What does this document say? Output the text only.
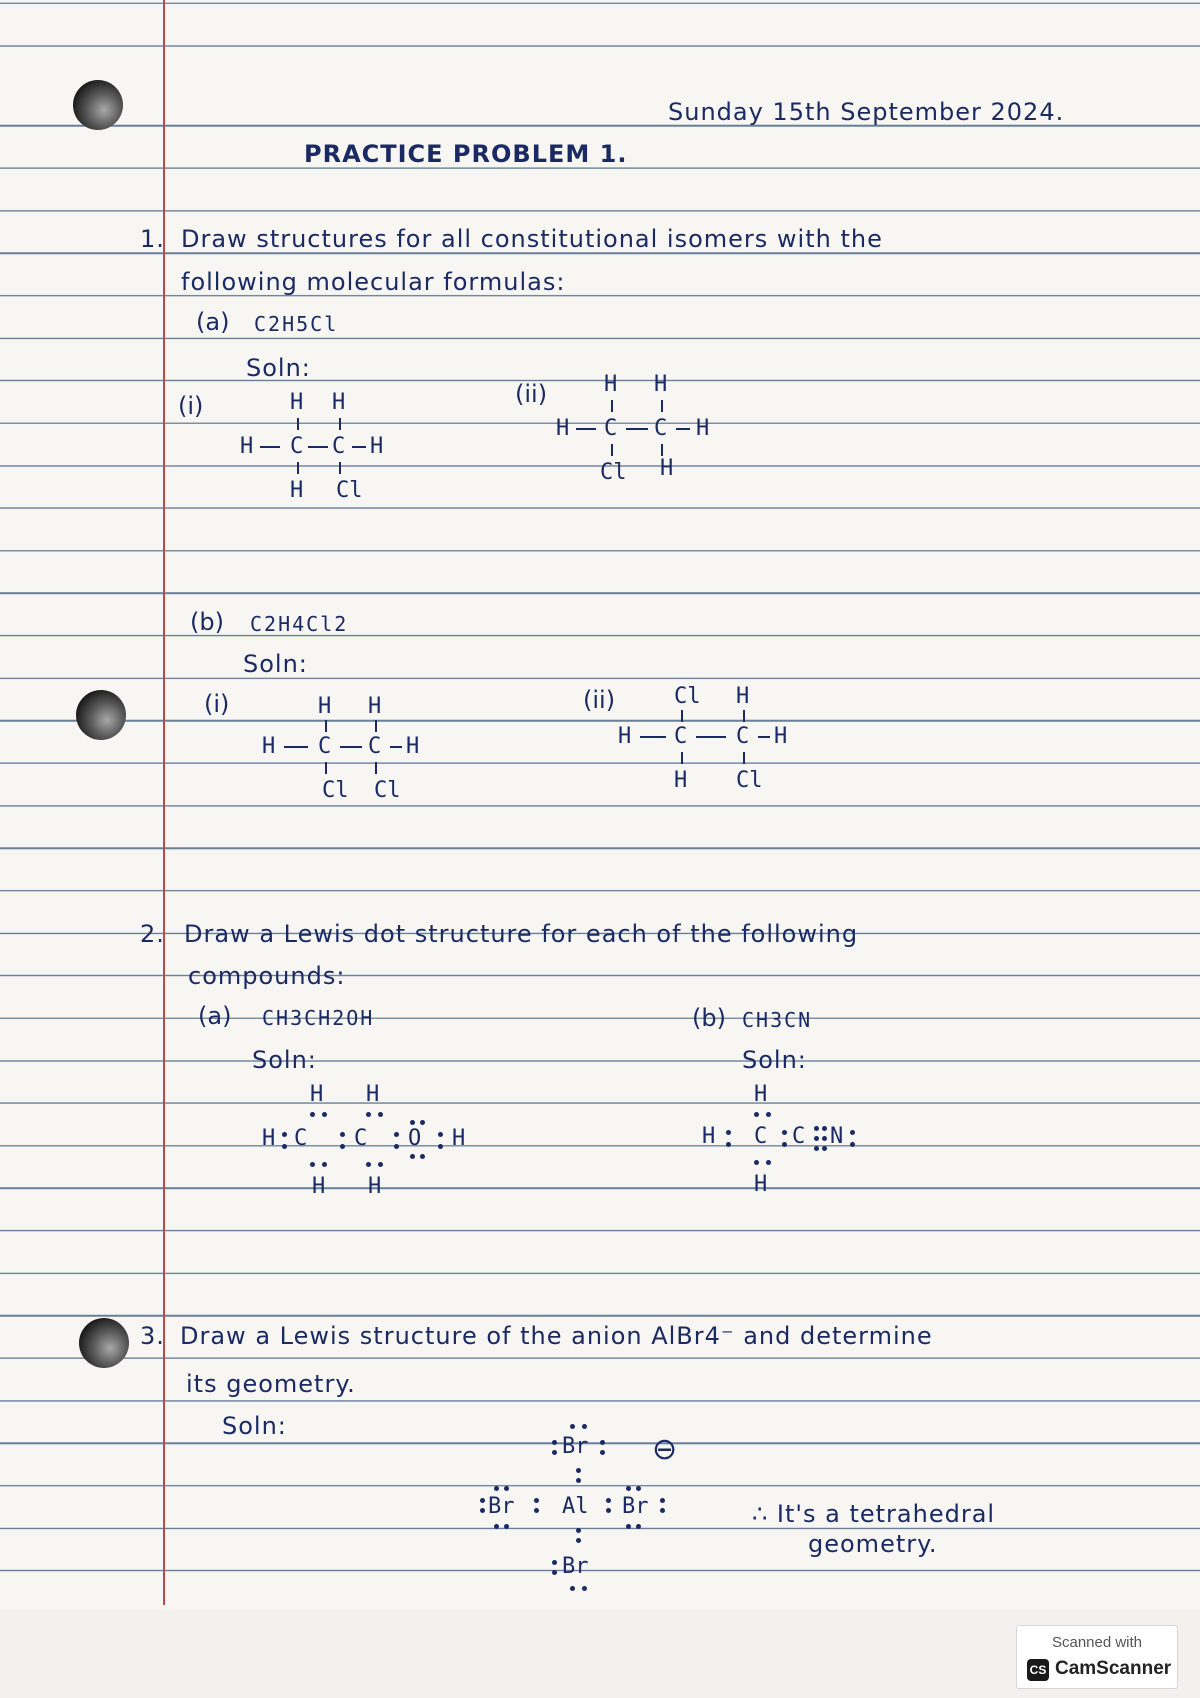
Sunday 15th September 2024.
PRACTICE PROBLEM 1.
1. Draw structures for all constitutional isomers with the
following molecular formulas:
(a) C2H5Cl
Soln:
(i)	(ii)
H H
H C C H
H Cl
H H
H C C H
Cl H
(b) C2H4Cl2
Soln:
(i)	(ii)
H H
H C C H
Cl Cl
Cl H
H C C H
H Cl
2. Draw a Lewis dot structure for each of the following
compounds:
(a) CH3CH2OH	(b) CH3CN
Soln:	Soln:
H H
H C C O H
H H
H
H C C N
H
3. Draw a Lewis structure of the anion AlBr4⁻ and determine
its geometry.
Soln:
Br
Br Al Br
Br
⊖
∴ It's a tetrahedral
geometry.
Scanned with
CS CamScanner
